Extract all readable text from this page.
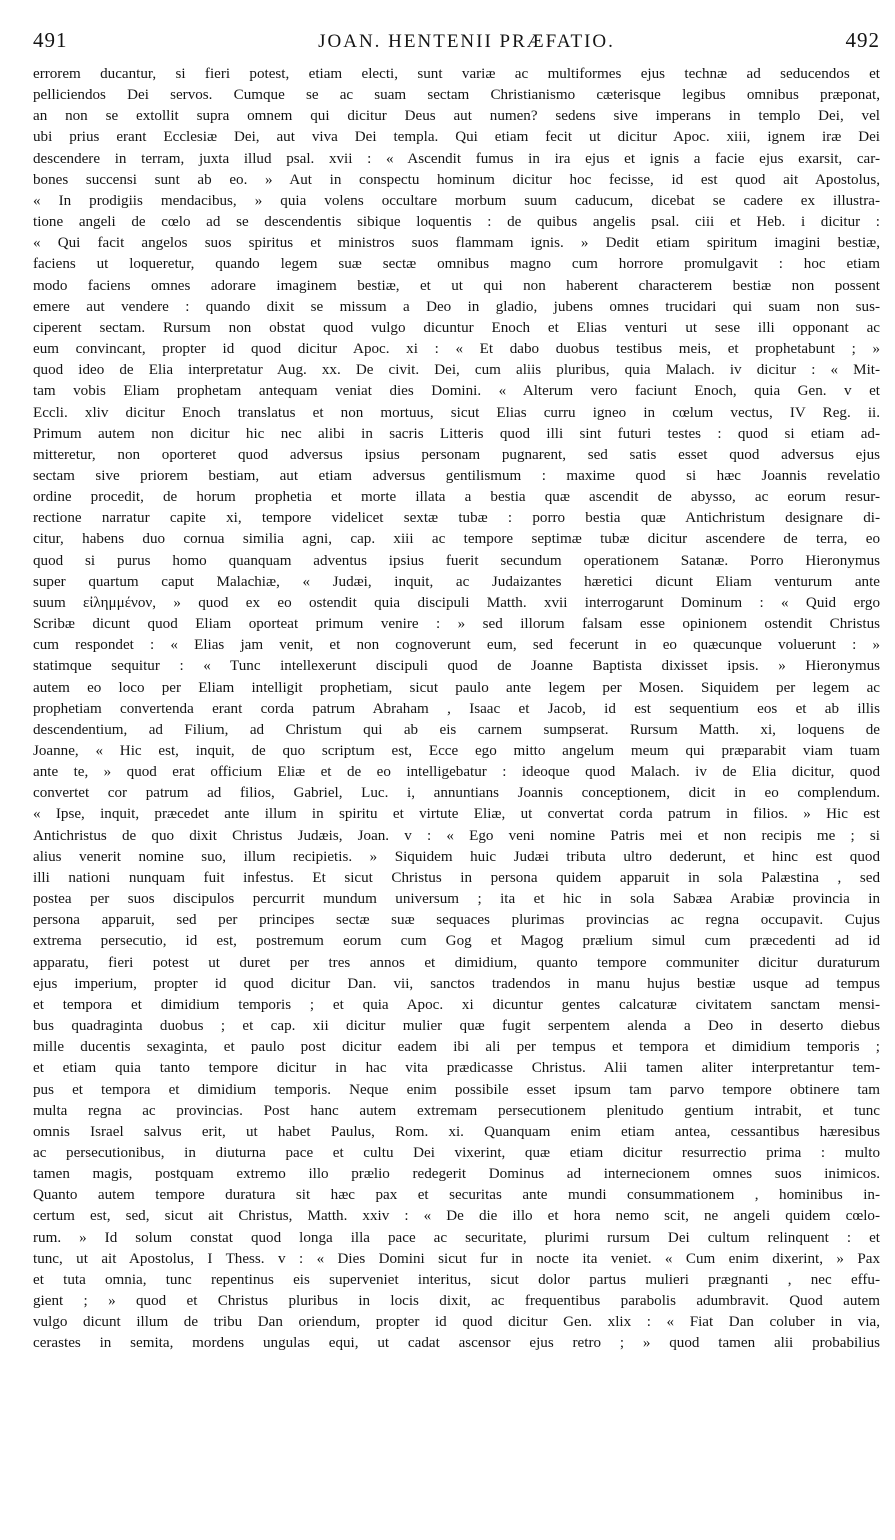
491	JOAN. HENTENII PRÆFATIO.	492
errorem ducantur, si fieri potest, etiam electi, sunt variæ ac multiformes ejus technæ ad seducendos et
pelliciendos Dei servos. Cumque se ac suam sectam Christianismo cæterisque legibus omnibus præponat,
an non se extollit supra omnem qui dicitur Deus aut numen? sedens sive imperans in templo Dei, vel
ubi prius erant Ecclesiæ Dei, aut viva Dei templa. Qui etiam fecit ut dicitur Apoc. xiii, ignem iræ Dei
descendere in terram, juxta illud psal. xvii : « Ascendit fumus in ira ejus et ignis a facie ejus exarsit, car-
bones succensi sunt ab eo. » Aut in conspectu hominum dicitur hoc fecisse, id est quod ait Apostolus,
« In prodigiis mendacibus, » quia volens occultare morbum suum caducum, dicebat se cadere ex illustra-
tione angeli de cœlo ad se descendentis sibique loquentis : de quibus angelis psal. ciii et Heb. i dicitur :
« Qui facit angelos suos spiritus et ministros suos flammam ignis. » Dedit etiam spiritum imagini bestiæ,
faciens ut loqueretur, quando legem suæ sectæ omnibus magno cum horrore promulgavit : hoc etiam
modo faciens omnes adorare imaginem bestiæ, et ut qui non haberent characterem bestiæ non possent
emere aut vendere : quando dixit se missum a Deo in gladio, jubens omnes trucidari qui suam non sus-
ciperent sectam. Rursum non obstat quod vulgo dicuntur Enoch et Elias venturi ut sese illi opponant ac
eum convincant, propter id quod dicitur Apoc. xi : « Et dabo duobus testibus meis, et prophetabunt ; »
quod ideo de Elia interpretatur Aug. xx. De civit. Dei, cum aliis pluribus, quia Malach. iv dicitur : « Mit-
tam vobis Eliam prophetam antequam veniat dies Domini. « Alterum vero faciunt Enoch, quia Gen. v et
Eccli. xliv dicitur Enoch translatus et non mortuus, sicut Elias curru igneo in cœlum vectus, IV Reg. ii.
Primum autem non dicitur hic nec alibi in sacris Litteris quod illi sint futuri testes : quod si etiam ad-
mitteretur, non oporteret quod adversus ipsius personam pugnarent, sed satis esset quod adversus ejus
sectam sive priorem bestiam, aut etiam adversus gentilismum : maxime quod si hæc Joannis revelatio
ordine procedit, de horum prophetia et morte illata a bestia quæ ascendit de abysso, ac eorum resur-
rectione narratur capite xi, tempore videlicet sextæ tubæ : porro bestia quæ Antichristum designare di-
citur, habens duo cornua similia agni, cap. xiii ac tempore septimæ tubæ dicitur ascendere de terra, eo
quod si purus homo quanquam adventus ipsius fuerit secundum operationem Satanæ. Porro Hieronymus
super quartum caput Malachiæ, « Judæi, inquit, ac Judaizantes hæretici dicunt Eliam venturum ante
suum εἰλημμένον, » quod ex eo ostendit quia discipuli Matth. xvii interrogarunt Dominum : « Quid ergo
Scribæ dicunt quod Eliam oporteat primum venire : » sed illorum falsam esse opinionem ostendit Christus
cum respondet : « Elias jam venit, et non cognoverunt eum, sed fecerunt in eo quæcunque voluerunt : »
statimque sequitur : « Tunc intellexerunt discipuli quod de Joanne Baptista dixisset ipsis. » Hieronymus
autem eo loco per Eliam intelligit prophetiam, sicut paulo ante legem per Mosen. Siquidem per legem ac
prophetiam convertenda erant corda patrum Abraham , Isaac et Jacob, id est sequentium eos et ab illis
descendentium, ad Filium, ad Christum qui ab eis carnem sumpserat. Rursum Matth. xi, loquens de
Joanne, « Hic est, inquit, de quo scriptum est, Ecce ego mitto angelum meum qui præparabit viam tuam
ante te, » quod erat officium Eliæ et de eo intelligebatur : ideoque quod Malach. iv de Elia dicitur, quod
convertet cor patrum ad filios, Gabriel, Luc. i, annuntians Joannis conceptionem, dicit in eo complendum.
« Ipse, inquit, præcedet ante illum in spiritu et virtute Eliæ, ut convertat corda patrum in filios. » Hic est
Antichristus de quo dixit Christus Judæis, Joan. v : « Ego veni nomine Patris mei et non recipis me ; si
alius venerit nomine suo, illum recipietis. » Siquidem huic Judæi tributa ultro dederunt, et hinc est quod
illi nationi nunquam fuit infestus. Et sicut Christus in persona quidem apparuit in sola Palæstina , sed
postea per suos discipulos percurrit mundum universum ; ita et hic in sola Sabæa Arabiæ provincia in
persona apparuit, sed per principes sectæ suæ sequaces plurimas provincias ac regna occupavit. Cujus
extrema persecutio, id est, postremum eorum cum Gog et Magog prælium simul cum præcedenti ad id
apparatu, fieri potest ut duret per tres annos et dimidium, quanto tempore communiter dicitur duraturum
ejus imperium, propter id quod dicitur Dan. vii, sanctos tradendos in manu hujus bestiæ usque ad tempus
et tempora et dimidium temporis ; et quia Apoc. xi dicuntur gentes calcaturæ civitatem sanctam mensi-
bus quadraginta duobus ; et cap. xii dicitur mulier quæ fugit serpentem alenda a Deo in deserto diebus
mille ducentis sexaginta, et paulo post dicitur eadem ibi ali per tempus et tempora et dimidium temporis ;
et etiam quia tanto tempore dicitur in hac vita prædicasse Christus. Alii tamen aliter interpretantur tem-
pus et tempora et dimidium temporis. Neque enim possibile esset ipsum tam parvo tempore obtinere tam
multa regna ac provincias. Post hanc autem extremam persecutionem plenitudo gentium intrabit, et tunc
omnis Israel salvus erit, ut habet Paulus, Rom. xi. Quanquam enim etiam antea, cessantibus hæresibus
ac persecutionibus, in diuturna pace et cultu Dei vixerint, quæ etiam dicitur resurrectio prima : multo
tamen magis, postquam extremo illo prælio redegerit Dominus ad internecionem omnes suos inimicos.
Quanto autem tempore duratura sit hæc pax et securitas ante mundi consummationem , hominibus in-
certum est, sed, sicut ait Christus, Matth. xxiv : « De die illo et hora nemo scit, ne angeli quidem cœlo-
rum. » Id solum constat quod longa illa pace ac securitate, plurimi rursum Dei cultum relinquent : et
tunc, ut ait Apostolus, I Thess. v : « Dies Domini sicut fur in nocte ita veniet. « Cum enim dixerint, » Pax
et tuta omnia, tunc repentinus eis superveniet interitus, sicut dolor partus mulieri prægnanti , nec effu-
gient ; » quod et Christus pluribus in locis dixit, ac frequentibus parabolis adumbravit. Quod autem
vulgo dicunt illum de tribu Dan oriendum, propter id quod dicitur Gen. xlix : « Fiat Dan coluber in via,
cerastes in semita, mordens ungulas equi, ut cadat ascensor ejus retro ; » quod tamen alii probabilius
